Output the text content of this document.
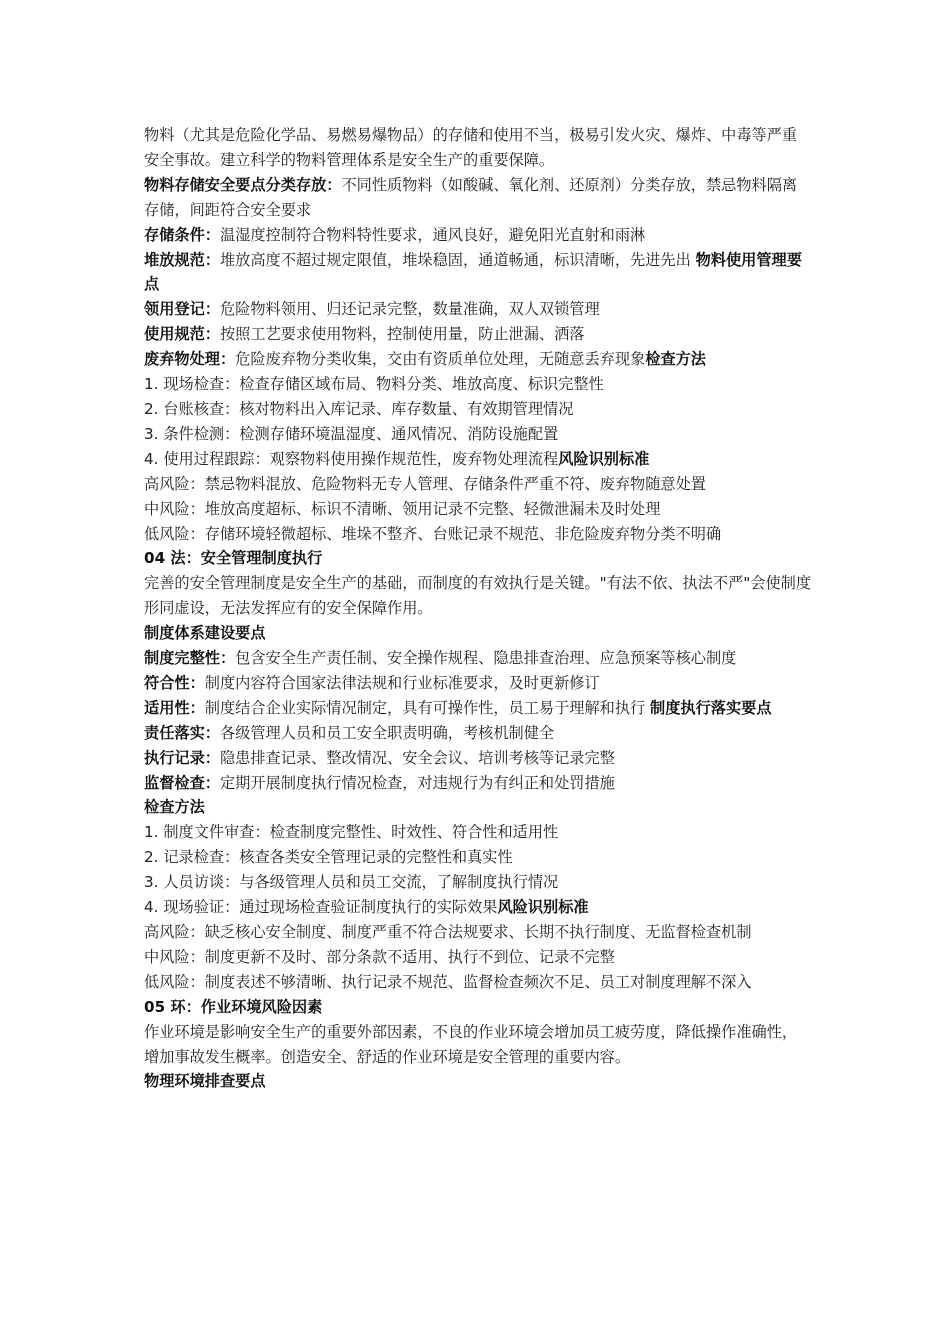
物料（尤其是危险化学品、易燃易爆物品）的存储和使用不当，极易引发火灾、爆炸、中毒等严重安全事故。建立科学的物料管理体系是安全生产的重要保障。

物料存储安全要点分类存放：不同性质物料（如酸碱、氧化剂、还原剂）分类存放，禁忌物料隔离存储，间距符合安全要求

存储条件：温湿度控制符合物料特性要求，通风良好，避免阳光直射和雨淋

堆放规范：堆放高度不超过规定限值，堆垛稳固，通道畅通，标识清晰，先进先出 物料使用管理要点

领用登记：危险物料领用、归还记录完整，数量准确，双人双锁管理

使用规范：按照工艺要求使用物料，控制使用量，防止泄漏、洒落

废弃物处理：危险废弃物分类收集，交由有资质单位处理，无随意丢弃现象检查方法

1. 现场检查：检查存储区域布局、物料分类、堆放高度、标识完整性

2. 台账核查：核对物料出入库记录、库存数量、有效期管理情况

3. 条件检测：检测存储环境温湿度、通风情况、消防设施配置

4. 使用过程跟踪：观察物料使用操作规范性，废弃物处理流程风险识别标准

高风险：禁忌物料混放、危险物料无专人管理、存储条件严重不符、废弃物随意处置

中风险：堆放高度超标、标识不清晰、领用记录不完整、轻微泄漏未及时处理

低风险：存储环境轻微超标、堆垛不整齐、台账记录不规范、非危险废弃物分类不明确

04 法：安全管理制度执行

完善的安全管理制度是安全生产的基础，而制度的有效执行是关键。"有法不依、执法不严"会使制度形同虚设，无法发挥应有的安全保障作用。

制度体系建设要点

制度完整性：包含安全生产责任制、安全操作规程、隐患排查治理、应急预案等核心制度

符合性：制度内容符合国家法律法规和行业标准要求，及时更新修订

适用性：制度结合企业实际情况制定，具有可操作性，员工易于理解和执行 制度执行落实要点

责任落实：各级管理人员和员工安全职责明确，考核机制健全

执行记录：隐患排查记录、整改情况、安全会议、培训考核等记录完整

监督检查：定期开展制度执行情况检查，对违规行为有纠正和处罚措施

检查方法

1. 制度文件审查：检查制度完整性、时效性、符合性和适用性

2. 记录检查：核查各类安全管理记录的完整性和真实性

3. 人员访谈：与各级管理人员和员工交流，了解制度执行情况

4. 现场验证：通过现场检查验证制度执行的实际效果风险识别标准

高风险：缺乏核心安全制度、制度严重不符合法规要求、长期不执行制度、无监督检查机制

中风险：制度更新不及时、部分条款不适用、执行不到位、记录不完整

低风险：制度表述不够清晰、执行记录不规范、监督检查频次不足、员工对制度理解不深入

05 环：作业环境风险因素

作业环境是影响安全生产的重要外部因素，不良的作业环境会增加员工疲劳度，降低操作准确性，增加事故发生概率。创造安全、舒适的作业环境是安全管理的重要内容。

物理环境排查要点
